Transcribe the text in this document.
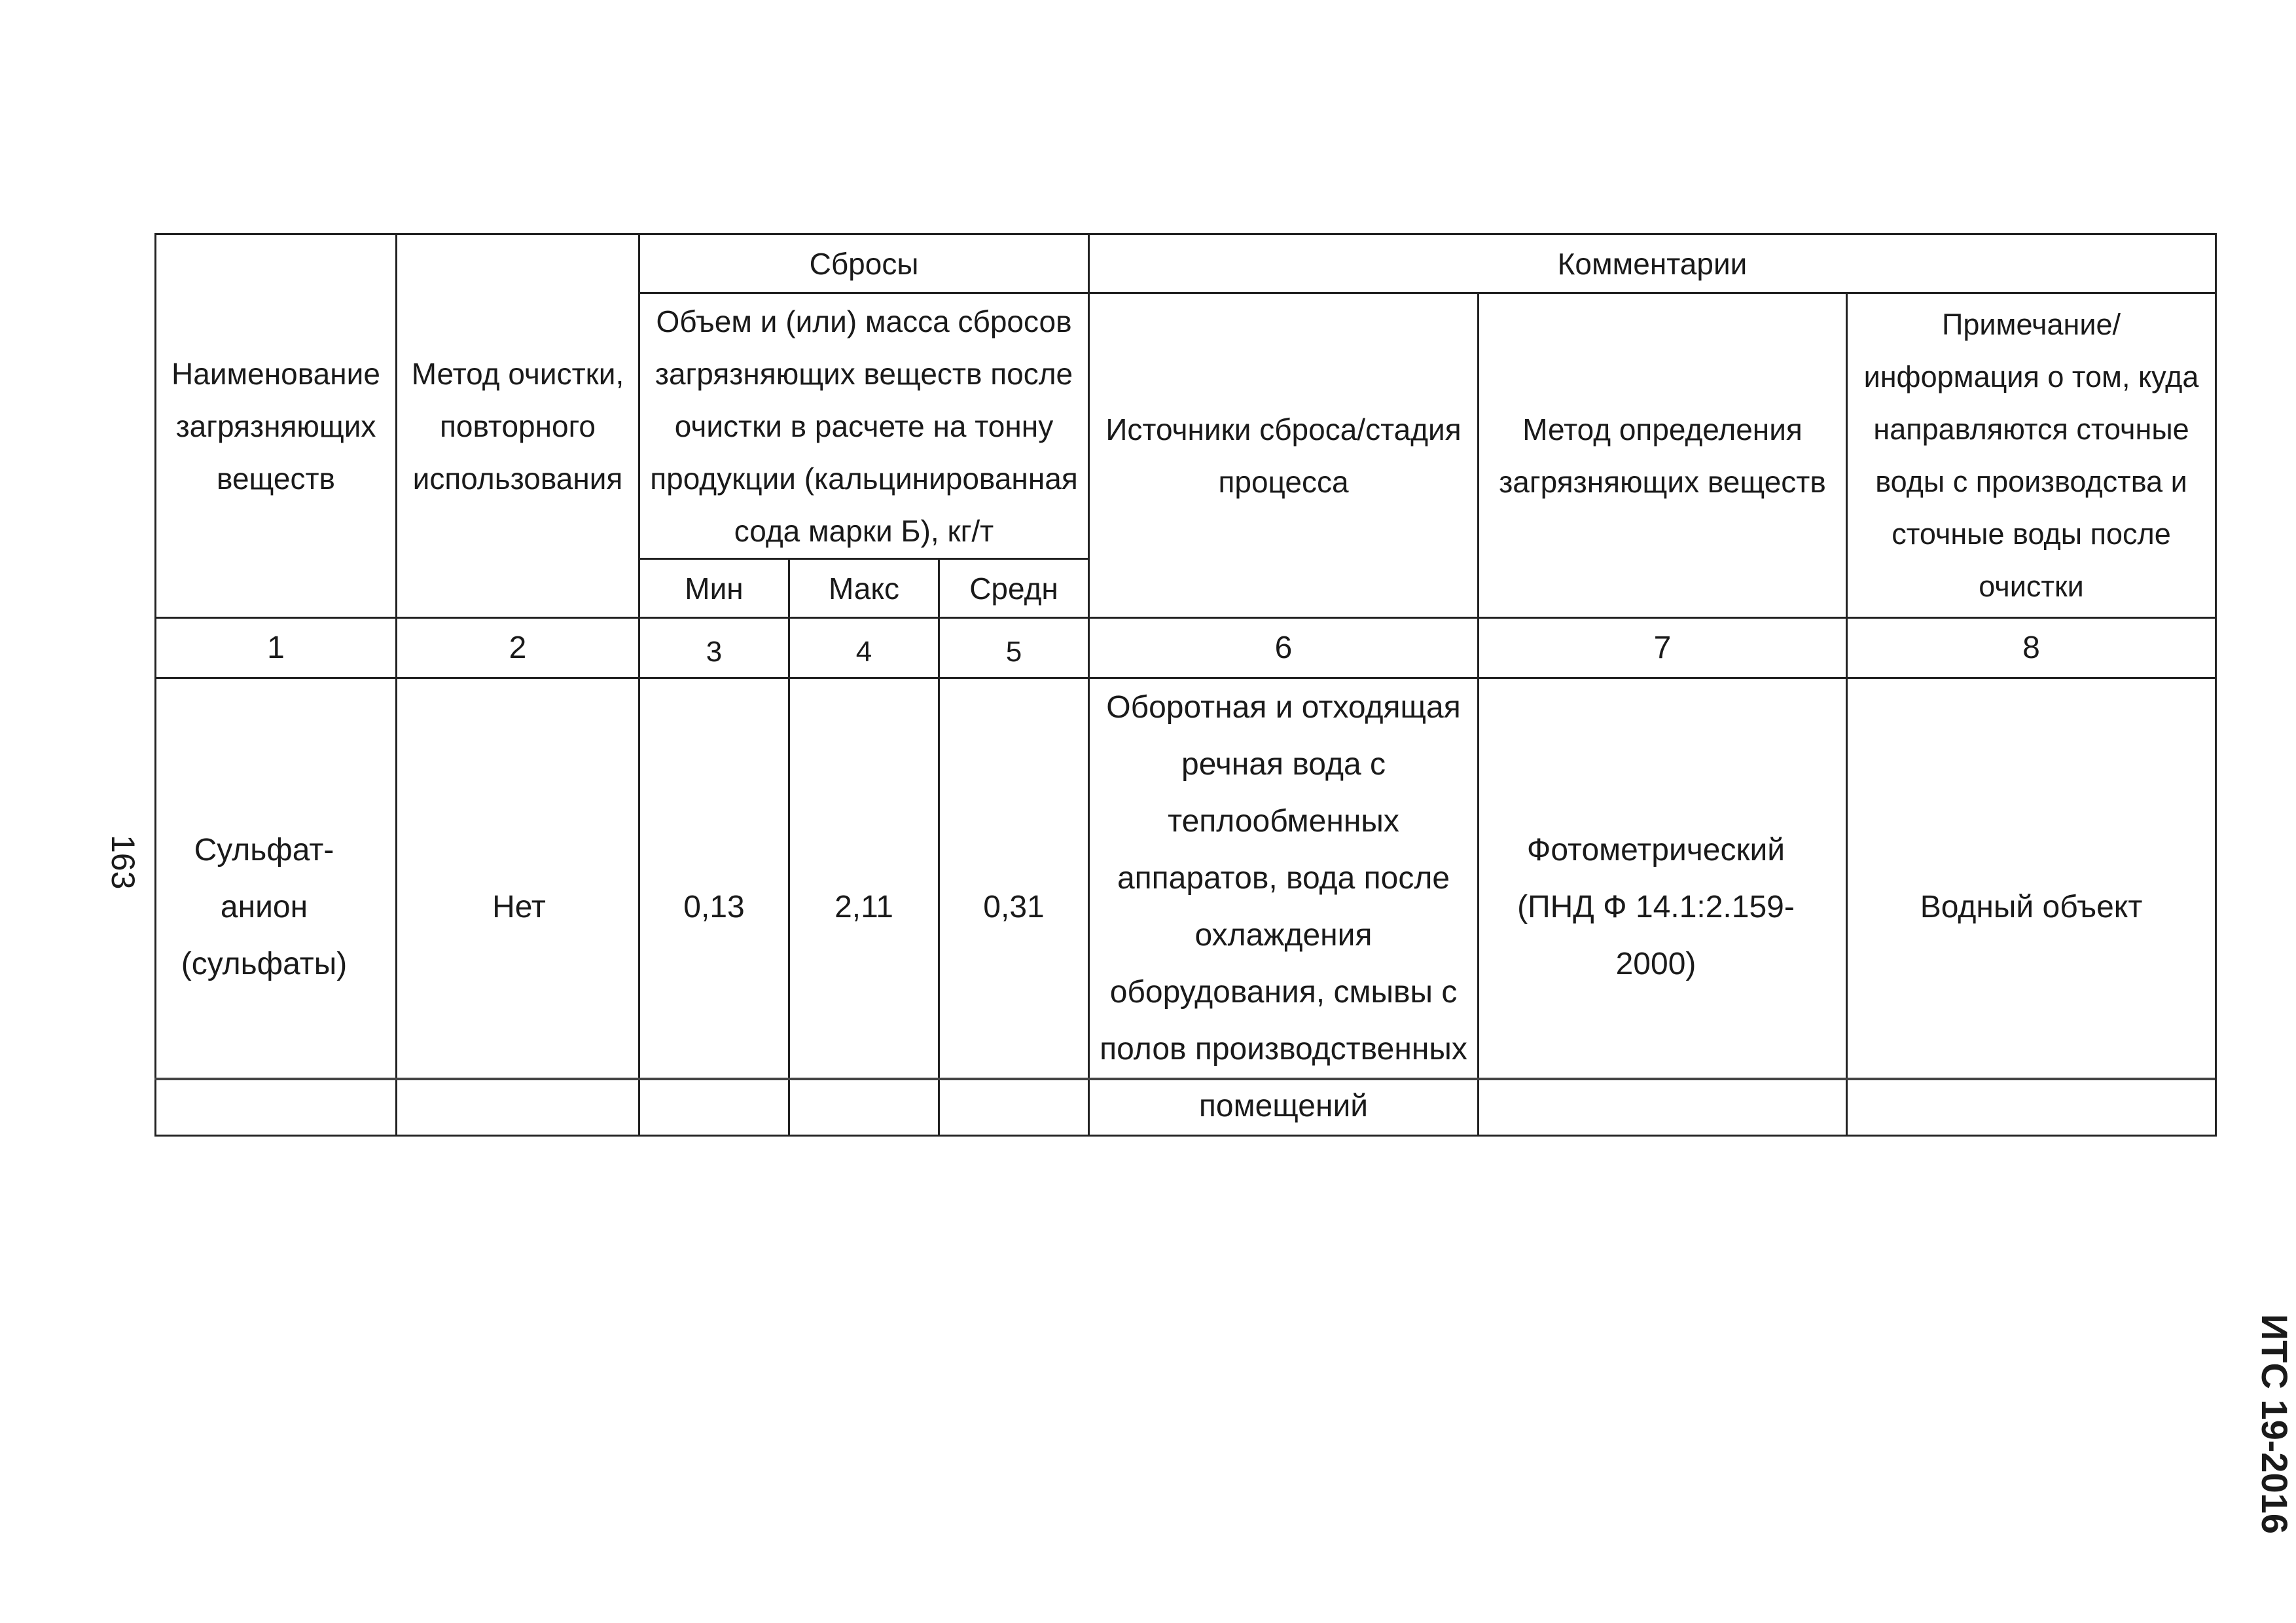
163
Наименование загрязняющих веществ	Метод очистки, повторного использования	Сбросы			Комментарии		
		Объем и (или) масса сбросов загрязняющих веществ после очистки в расчете на тонну продукции (кальцинированная сода марки Б), кг/т			Источники сброса/стадия процесса	Метод определения загрязняющих веществ	Примечание/информация о том, куда направляются сточные воды с производства и сточные воды после очистки
		Мин	Макс	Средн			
1	2	3	4	5	6	7	8
Сульфат-анион (сульфаты)	Нет	0,13	2,11	0,31	Оборотная и отходящая речная вода с теплообменных аппаратов, вода после охлаждения оборудования, смывы с полов производственных помещений	Фотометрический (ПНД Ф 14.1:2.159-2000)	Водный объект
ИТС 19-2016
